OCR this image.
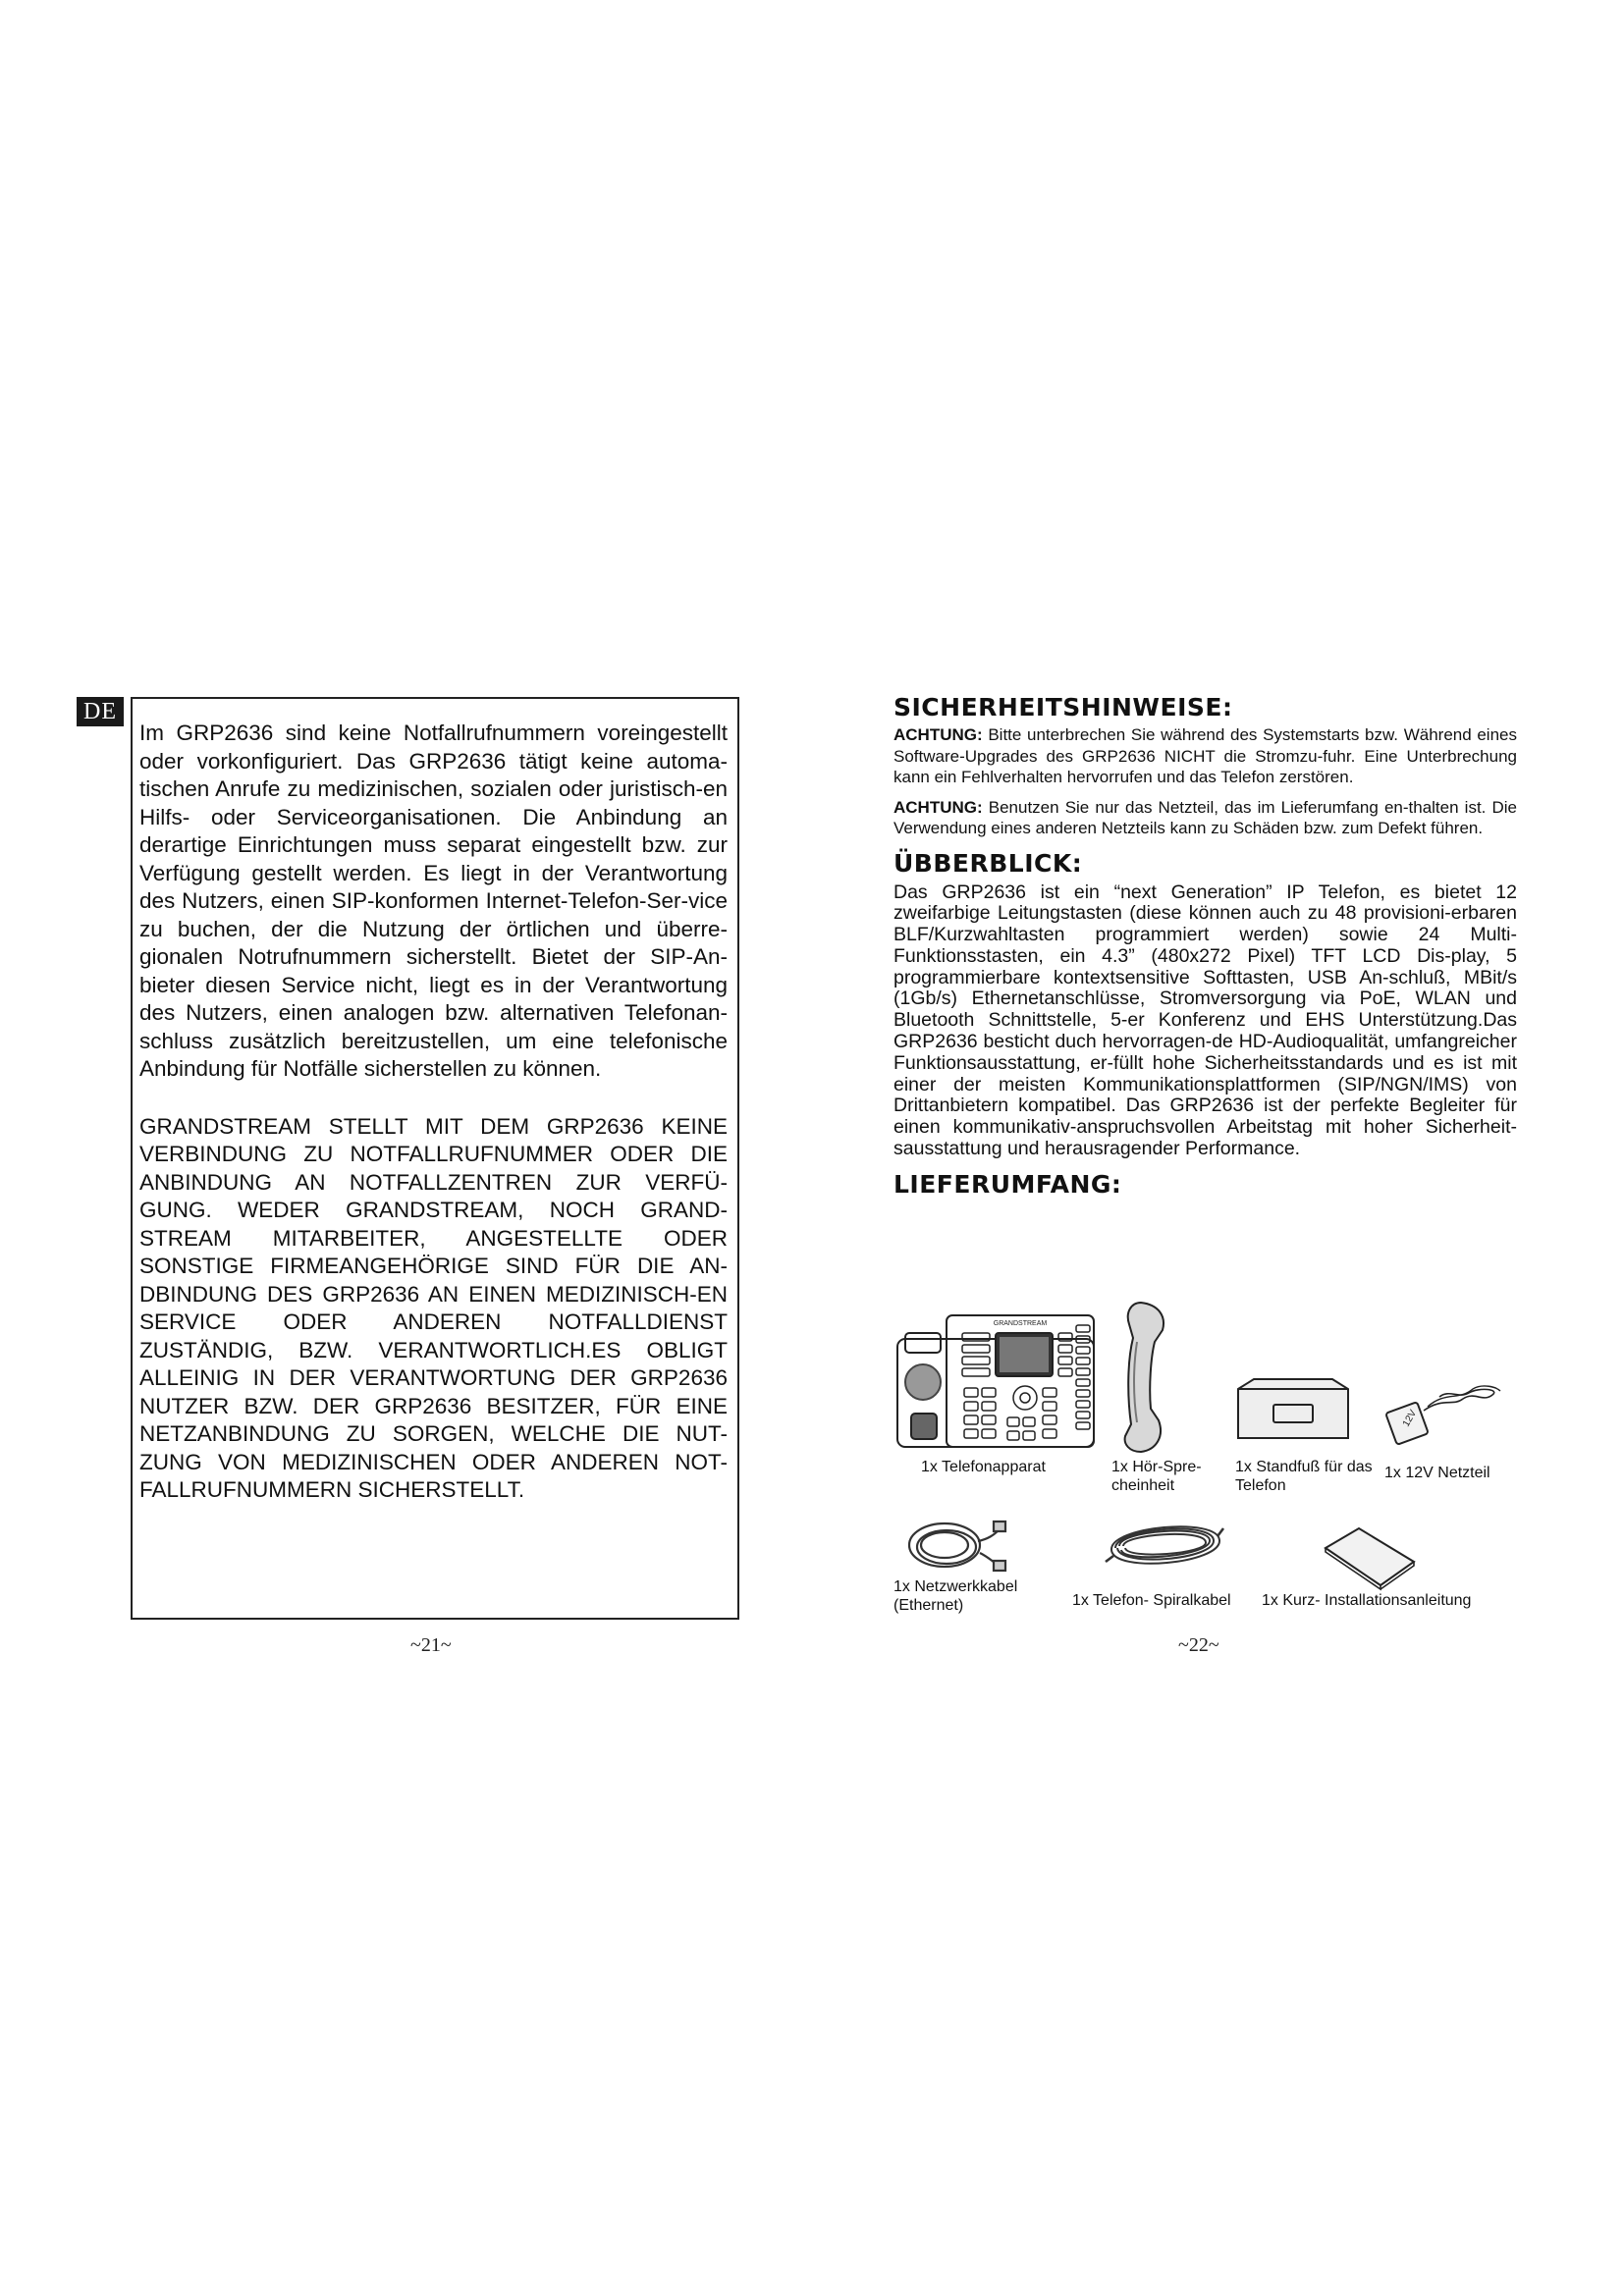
DE

Im GRP2636 sind keine Notfallrufnummern voreingestellt oder vorkonfiguriert. Das GRP2636 tätigt keine automa-tischen Anrufe zu medizinischen, sozialen oder juristisch-en Hilfs- oder Serviceorganisationen. Die Anbindung an derartige Einrichtungen muss separat eingestellt bzw. zur Verfügung gestellt werden. Es liegt in der Verantwortung des Nutzers, einen SIP-konformen Internet-Telefon-Ser-vice zu buchen, der die Nutzung der örtlichen und überre-gionalen Notrufnummern sicherstellt. Bietet der SIP-An-bieter diesen Service nicht, liegt es in der Verantwortung des Nutzers, einen analogen bzw. alternativen Telefonan-schluss zusätzlich bereitzustellen, um eine telefonische Anbindung für Notfälle sicherstellen zu können.

GRANDSTREAM STELLT MIT DEM GRP2636 KEINE VERBINDUNG ZU NOTFALLRUFNUMMER ODER DIE ANBINDUNG AN NOTFALLZENTREN ZUR VERFÜ-GUNG. WEDER GRANDSTREAM, NOCH GRAND-STREAM MITARBEITER, ANGESTELLTE ODER SONSTIGE FIRMEANGEHÖRIGE SIND FÜR DIE AN-DBINDUNG DES GRP2636 AN EINEN MEDIZINISCH-EN SERVICE ODER ANDEREN NOTFALLDIENST ZUSTÄNDIG, BZW. VERANTWORTLICH.ES OBLIGT ALLEINIG IN DER VERANTWORTUNG DER GRP2636 NUTZER BZW. DER GRP2636 BESITZER, FÜR EINE NETZANBINDUNG ZU SORGEN, WELCHE DIE NUT-ZUNG VON MEDIZINISCHEN ODER ANDEREN NOT-FALLRUFNUMMERN SICHERSTELLT.

~21~
SICHERHEITSHINWEISE:

ACHTUNG: Bitte unterbrechen Sie während des Systemstarts bzw. Während eines Software-Upgrades des GRP2636 NICHT die Stromzu-fuhr. Eine Unterbrechung kann ein Fehlverhalten hervorrufen und das Telefon zerstören.

ACHTUNG: Benutzen Sie nur das Netzteil, das im Lieferumfang en-thalten ist. Die Verwendung eines anderen Netzteils kann zu Schäden bzw. zum Defekt führen.

ÜBBERBLICK:

Das GRP2636 ist ein “next Generation” IP Telefon, es bietet 12 zweifarbige Leitungstasten (diese können auch zu 48 provisioni-erbaren BLF/Kurzwahltasten programmiert werden) sowie 24 Multi-Funktionsstasten, ein 4.3” (480x272 Pixel) TFT LCD Dis-play, 5 programmierbare kontextsensitive Softtasten, USB An-schluß, MBit/s (1Gb/s) Ethernetanschlüsse, Stromversorgung via PoE, WLAN und Bluetooth Schnittstelle, 5-er Konferenz und EHS Unterstützung.Das GRP2636 besticht duch hervorragen-de HD-Audioqualität, umfangreicher Funktionsausstattung, er-füllt hohe Sicherheitsstandards und es ist mit einer der meisten Kommunikationsplattformen (SIP/NGN/IMS) von Drittanbietern kompatibel. Das GRP2636 ist der perfekte Begleiter für einen kommunikativ-anspruchsvollen Arbeitstag mit hoher Sicherheit-sausstattung und herausragender Performance.

LIEFERUMFANG:
GRANDSTREAM
1x Telefonapparat	1x Hör-Spre-cheinheit
1x Standfuß für das Telefon
12V
1x 12V Netzteil
1x Netzwerkkabel (Ethernet)	1x Telefon- Spiralkabel	1x Kurz- Installationsanleitung
~22~
